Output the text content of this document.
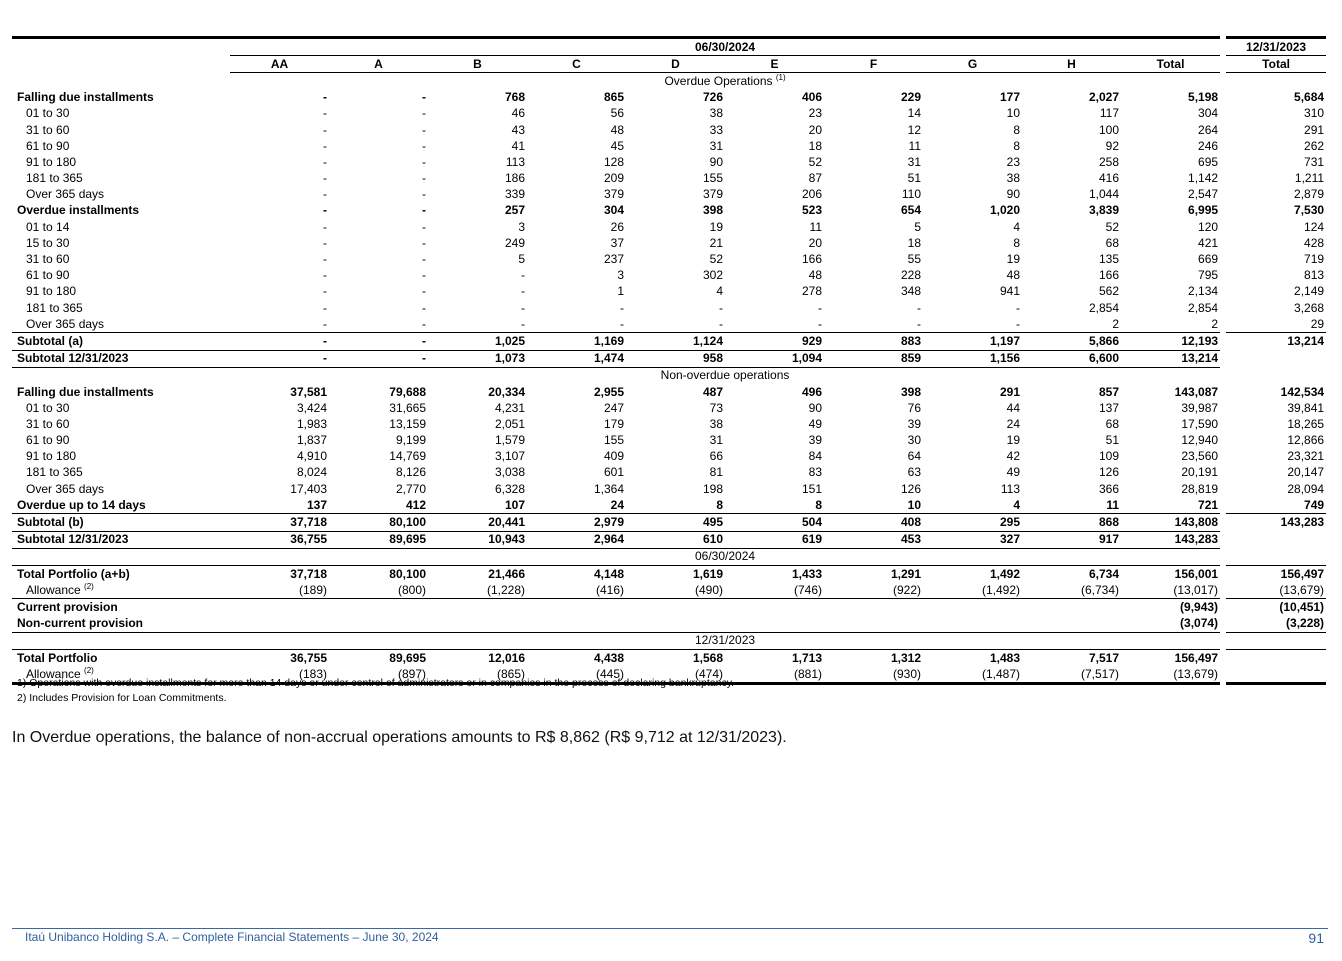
	06/30/2024											12/31/2023
	AA	A	B	C	D	E	F	G	H	Total		Total
	Overdue Operations $^{(1)}$		
Falling due installments	-	-	768	865	726	406	229	177	2,027	5,198		5,684
01 to 30	-	-	46	56	38	23	14	10	117	304		310
31 to 60	-	-	43	48	33	20	12	8	100	264		291
61 to 90	-	-	41	45	31	18	11	8	92	246		262
91 to 180	-	-	113	128	90	52	31	23	258	695		731
181 to 365	-	-	186	209	155	87	51	38	416	1,142		1,211
Over 365 days	-	-	339	379	379	206	110	90	1,044	2,547		2,879
Overdue installments	-	-	257	304	398	523	654	1,020	3,839	6,995		7,530
01 to 14	-	-	3	26	19	11	5	4	52	120		124
15 to 30	-	-	249	37	21	20	18	8	68	421		428
31 to 60	-	-	5	237	52	166	55	19	135	669		719
61 to 90	-	-	-	3	302	48	228	48	166	795		813
91 to 180	-	-	-	1	4	278	348	941	562	2,134		2,149
181 to 365	-	-	-	-	-	-	-	-	2,854	2,854		3,268
Over 365 days	-	-	-	-	-	-	-	-	2	2		29
Subtotal (a)	-	-	1,025	1,169	1,124	929	883	1,197	5,866	12,193		13,214
Subtotal 12/31/2023	-	-	1,073	1,474	958	1,094	859	1,156	6,600	13,214		
	Non-overdue operations											
Falling due installments	37,581	79,688	20,334	2,955	487	496	398	291	857	143,087		142,534
01 to 30	3,424	31,665	4,231	247	73	90	76	44	137	39,987		39,841
31 to 60	1,983	13,159	2,051	179	38	49	39	24	68	17,590		18,265
61 to 90	1,837	9,199	1,579	155	31	39	30	19	51	12,940		12,866
91 to 180	4,910	14,769	3,107	409	66	84	64	42	109	23,560		23,321
181 to 365	8,024	8,126	3,038	601	81	83	63	49	126	20,191		20,147
Over 365 days	17,403	2,770	6,328	1,364	198	151	126	113	366	28,819		28,094
Overdue up to 14 days	137	412	107	24	8	8	10	4	11	721		749
Subtotal (b)	37,718	80,100	20,441	2,979	495	504	408	295	868	143,808		143,283
Subtotal 12/31/2023	36,755	89,695	10,943	2,964	610	619	453	327	917	143,283		
	06/30/2024											
Total Portfolio (a+b)	37,718	80,100	21,466	4,148	1,619	1,433	1,291	1,492	6,734	156,001		156,497
Allowance $^{(2)}$	(189)	(800)	(1,228)	(416)	(490)	(746)	(922)	(1,492)	(6,734)	(13,017)		(13,679)
Current provision										(9,943)		(10,451)
Non-current provision										(3,074)		(3,228)
	12/31/2023											
Total Portfolio	36,755	89,695	12,016	4,438	1,568	1,713	1,312	1,483	7,517	156,497		
Allowance $^{(2)}$	(183)	(897)	(865)	(445)	(474)	(881)	(930)	(1,487)	(7,517)	(13,679)		
1) Operations with overdue installments for more than 14 days or under control of administrators or in companies in the process of declaring bankruptancy.
2) Includes Provision for Loan Commitments.
In Overdue operations, the balance of non-accrual operations amounts to R$ 8,862 (R$ 9,712 at 12/31/2023).
Itaú Unibanco Holding S.A. – Complete Financial Statements – June 30, 2024	91
